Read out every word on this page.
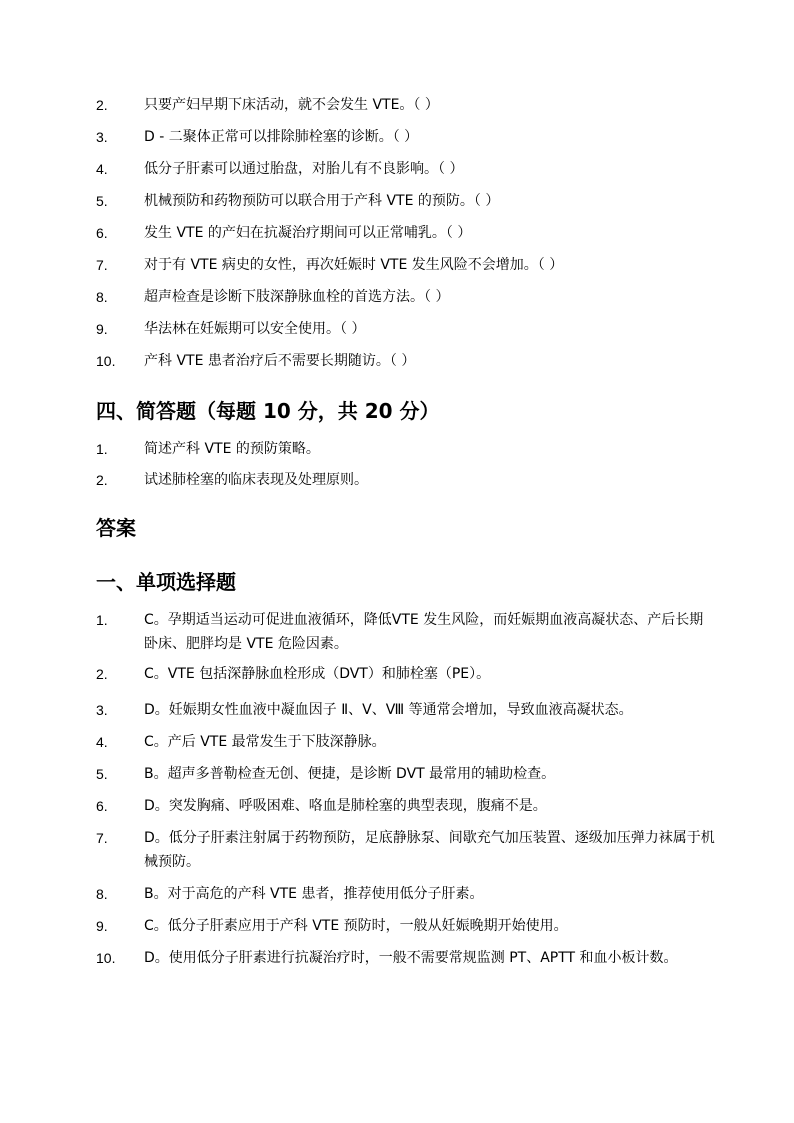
2.	只要产妇早期下床活动，就不会发生 VTE。（ ）
3.	D - 二聚体正常可以排除肺栓塞的诊断。（ ）
4.	低分子肝素可以通过胎盘，对胎儿有不良影响。（ ）
5.	机械预防和药物预防可以联合用于产科 VTE 的预防。（ ）
6.	发生 VTE 的产妇在抗凝治疗期间可以正常哺乳。（ ）
7.	对于有 VTE 病史的女性，再次妊娠时 VTE 发生风险不会增加。（ ）
8.	超声检查是诊断下肢深静脉血栓的首选方法。（ ）
9.	华法林在妊娠期可以安全使用。（ ）
10.	产科 VTE 患者治疗后不需要长期随访。（ ）
四、简答题（每题 10 分，共 20 分）
1.	简述产科 VTE 的预防策略。
2.	试述肺栓塞的临床表现及处理原则。
答案
一、单项选择题
1.	C。孕期适当运动可促进血液循环，降低VTE 发生风险，而妊娠期血液高凝状态、产后长期卧床、肥胖均是 VTE 危险因素。
2.	C。VTE 包括深静脉血栓形成（DVT）和肺栓塞（PE）。
3.	D。妊娠期女性血液中凝血因子 Ⅱ、Ⅴ、Ⅷ 等通常会增加，导致血液高凝状态。
4.	C。产后 VTE 最常发生于下肢深静脉。
5.	B。超声多普勒检查无创、便捷，是诊断 DVT 最常用的辅助检查。
6.	D。突发胸痛、呼吸困难、咯血是肺栓塞的典型表现，腹痛不是。
7.	D。低分子肝素注射属于药物预防，足底静脉泵、间歇充气加压装置、逐级加压弹力袜属于机械预防。
8.	B。对于高危的产科 VTE 患者，推荐使用低分子肝素。
9.	C。低分子肝素应用于产科 VTE 预防时，一般从妊娠晚期开始使用。
10.	D。使用低分子肝素进行抗凝治疗时，一般不需要常规监测 PT、APTT 和血小板计数。
